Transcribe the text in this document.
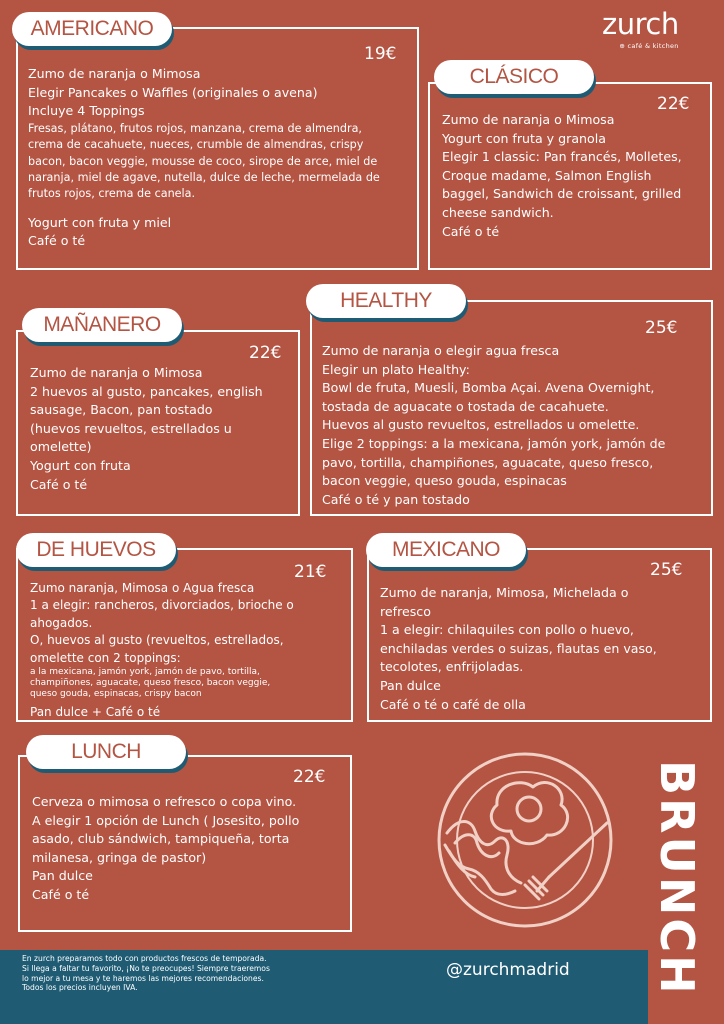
zurch
⊕ café & kitchen
AMERICANO
19€
Zumo de naranja o Mimosa
Elegir Pancakes o Waffles (originales o avena)
Incluye 4 Toppings
Fresas, plátano, frutos rojos, manzana, crema de almendra,
crema de cacahuete, nueces, crumble de almendras, crispy
bacon, bacon veggie, mousse de coco, sirope de arce, miel de
naranja, miel de agave, nutella, dulce de leche, mermelada de
frutos rojos, crema de canela.
Yogurt con fruta y miel
Café o té
CLÁSICO
22€
Zumo de naranja o Mimosa
Yogurt con fruta y granola
Elegir 1 classic: Pan francés, Molletes,
Croque madame, Salmon English
baggel, Sandwich de croissant, grilled
cheese sandwich.
Café o té
HEALTHY
25€
Zumo de naranja o elegir agua fresca
Elegir un plato Healthy:
Bowl de fruta, Muesli, Bomba Açai. Avena Overnight,
tostada de aguacate o tostada de cacahuete.
Huevos al gusto revueltos, estrellados u omelette.
Elige 2 toppings: a la mexicana, jamón york, jamón de
pavo, tortilla, champiñones, aguacate, queso fresco,
bacon veggie, queso gouda, espinacas
Café o té y pan tostado
MAÑANERO
22€
Zumo de naranja o Mimosa
2 huevos al gusto, pancakes, english
sausage, Bacon, pan tostado
(huevos revueltos, estrellados u
omelette)
Yogurt con fruta
Café o té
DE HUEVOS
21€
Zumo naranja, Mimosa o Agua fresca
1 a elegir: rancheros, divorciados, brioche o
ahogados.
O, huevos al gusto (revueltos, estrellados,
omelette con 2 toppings:
a la mexicana, jamón york, jamón de pavo, tortilla,
champiñones, aguacate, queso fresco, bacon veggie,
queso gouda, espinacas, crispy bacon
Pan dulce + Café o té
MEXICANO
25€
Zumo de naranja, Mimosa, Michelada o
refresco
1 a elegir: chilaquiles con pollo o huevo,
enchiladas verdes o suizas, flautas en vaso,
tecolotes, enfrijoladas.
Pan dulce
Café o té o café de olla
LUNCH
22€
Cerveza o mimosa o refresco o copa vino.
A elegir 1 opción de Lunch ( Josesito, pollo
asado, club sándwich, tampiqueña, torta
milanesa, gringa de pastor)
Pan dulce
Café o té	BRUNCH
En zurch preparamos todo con productos frescos de temporada.
Si llega a faltar tu favorito, ¡No te preocupes! Siempre traeremos
lo mejor a tu mesa y te haremos las mejores recomendaciones.
Todos los precios incluyen IVA.
@zurchmadrid
